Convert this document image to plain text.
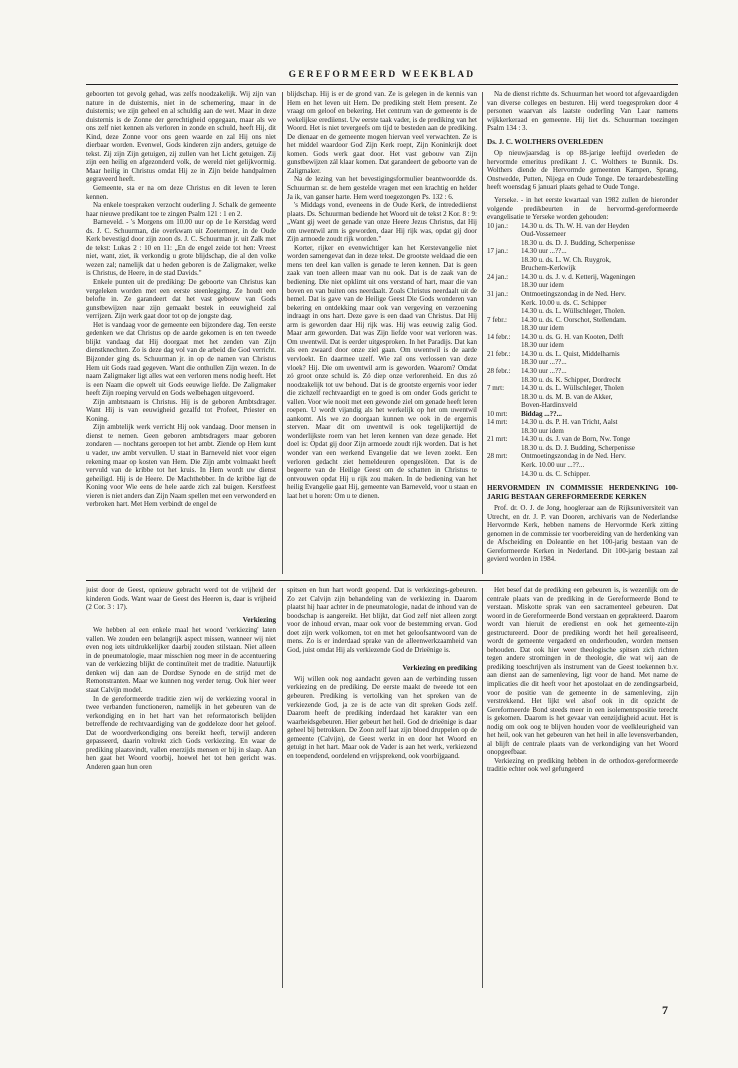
GEREFORMEERD WEEKBLAD

geboorten tot gevolg gehad, was zelfs noodzakelijk. Wij zijn van nature in de duisternis, niet in de schemering, maar in de duisternis; we zijn geheel en al schuldig aan de wet. Maar in deze duisternis is de Zonne der gerechtigheid opgegaan, maar als we ons zelf niet kennen als verloren in zonde en schuld, heeft Hij, dit Kind, deze Zonne voor ons geen waarde en zal Hij ons niet dierbaar worden. Evenwel, Gods kinderen zijn anders, getuige de tekst. Zij zijn Zijn getuigen, zij zullen van het Licht getuigen. Zij zijn een heilig en afgezonderd volk, de wereld niet gelijkvormig. Maar heilig in Christus omdat Hij ze in Zijn beide handpalmen gegraveerd heeft.

Gemeente, sta er na om deze Christus en dit leven te leren kennen.

Na enkele toespraken verzocht ouderling J. Schalk de gemeente haar nieuwe predikant toe te zingen Psalm 121 : 1 en 2.

Barneveld. - 's Morgens om 10.00 uur op de 1e Kerstdag werd ds. J. C. Schuurman, die overkwam uit Zoetermeer, in de Oude Kerk bevestigd door zijn zoon ds. J. C. Schuurman jr. uit Zalk met de tekst: Lukas 2 : 10 en 11: „En de engel zeide tot hen: Vreest niet, want, ziet, ik verkondig u grote blijdschap, die al den volke wezen zal; namelijk dat u heden geboren is de Zaligmaker, welke is Christus, de Heere, in de stad Davids."

Enkele punten uit de prediking: De geboorte van Christus kan vergeleken worden met een eerste steenlegging. Ze houdt een belofte in. Ze garandeert dat het vast gebouw van Gods gunstbewijzen naar zijn gemaakt bestek in eeuwigheid zal verrijzen. Zijn werk gaat door tot op de jongste dag.

Het is vandaag voor de gemeente een bijzondere dag. Ten eerste gedenken we dat Christus op de aarde gekomen is en ten tweede blijkt vandaag dat Hij doorgaat met het zenden van Zijn dienstknechten. Zo is deze dag vol van de arbeid die God verricht. Bijzonder ging ds. Schuurman jr. in op de namen van Christus Hem uit Gods raad gegeven. Want die onthullen Zijn wezen. In de naam Zaligmaker ligt alles wat een verloren mens nodig heeft. Het is een Naam die opwelt uit Gods eeuwige liefde. De Zaligmaker heeft Zijn roeping vervuld en Gods welbehagen uitgevoerd.

Zijn ambtsnaam is Christus. Hij is de geboren Ambtsdrager. Want Hij is van eeuwigheid gezalfd tot Profeet, Priester en Koning.

Zijn ambtelijk werk verricht Hij ook vandaag. Door mensen in dienst te nemen. Geen geboren ambtsdragers maar geboren zondaren — nochtans geroepen tot het ambt. Ziende op Hem kunt u vader, uw ambt vervullen. U staat in Barneveld niet voor eigen rekening maar op kosten van Hem. Die Zijn ambt volmaakt heeft vervuld van de kribbe tot het kruis. In Hem wordt uw dienst geheiligd. Hij is de Heere. De Machthebber. In de kribbe ligt de Koning voor Wie eens de hele aarde zich zal buigen. Kerstfeest vieren is niet anders dan Zijn Naam spellen met een verwonderd en verbroken hart. Met Hem verbindt de engel de

blijdschap. Hij is er de grond van. Ze is gelegen in de kennis van Hem en het leven uit Hem. De prediking stelt Hem present. Ze vraagt om geloof en bekering. Het centrum van de gemeente is de wekelijkse erediienst. Uw eerste taak vader, is de prediking van het Woord. Het is niet tevergeefs om tijd te besteden aan de prediking. De dienaar en de gemeente mogen hiervan veel verwachten. Ze is het middel waardoor God Zijn Kerk roept, Zijn Koninkrijk doet komen. Gods werk gaat door. Het vast gebouw van Zijn gunstbewijzen zál klaar komen. Dat garandeert de geboorte van de Zaligmaker.

Na de lezing van het bevestigingsformulier beantwoordde ds. Schuurman sr. de hem gestelde vragen met een krachtig en helder Ja ik, van ganser harte. Hem werd toegezongen Ps. 132 : 6.

's Middags vond, eveneens in de Oude Kerk, de intredediienst plaats. Ds. Schuurman bediende het Woord uit de tekst 2 Kor. 8 : 9: „Want gij weet de genade van onze Heere Jezus Christus, dat Hij om uwentwil arm is geworden, daar Hij rijk was, opdat gij door Zijn armoede zoudt rijk worden."

Korter, rijker en evenwichtiger kan het Kerstevangelie niet worden samengevat dan in deze tekst. De grootste weldaad die een mens ten deel kan vallen is genade te leren kennen. Dat is geen zaak van toen alleen maar van nu ook. Dat is de zaak van de bediening. Die niet opklimt uit ons verstand of hart, maar die van boven en van buiten ons neerdaalt. Zoals Christus neerdaalt uit de hemel. Dat is gave van de Heilige Geest Die Gods wonderen van bekering en ontdekking maar ook van vergeving en verzoening indraagt in ons hart. Deze gave is een daad van Christus. Dat Hij arm is geworden daar Hij rijk was. Hij was eeuwig zalig God. Maar arm geworden. Dat was Zijn liefde voor wat verloren was. Om uwentwil. Dat is eerder uitgesproken. In het Paradijs. Dat kan als een zwaard door onze ziel gaan. Om uwentwil is de aarde vervloekt. En daarmee uzelf. Wie zal ons verlossen van deze vloek? Hij. Die om uwentwil arm is geworden. Waarom? Omdat zó groot onze schuld is. Zó diep onze verlorenheid. En dus zó noodzakelijk tot uw behoud. Dat is de grootste ergernis voor ieder die zichzelf rechtvaardigt en te goed is om onder Gods gericht te vallen. Voor wie nooit met een gewonde ziel om genade heeft leren roepen. U wordt vijandig als het werkelijk op het om uwentwil aankomt. Als we zo doorgaan kunnen we ook in de ergernis sterven. Maar dit om uwentwil is ook tegelijkertijd de wonderlijkste roem van het leren kennen van deze genade. Het doel is: Opdat gij door Zijn armoede zoudt rijk worden. Dat is het wonder van een werkend Evangelie dat we leven zoekt. Een verloren gedacht ziet hemeldeuren opengeslöten. Dat is de begeerte van de Heilige Geest om de schatten in Christus te ontvouwen opdat Hij u rijk zou maken. In de bediening van het heilig Evangelie gaat Hij, gemeente van Barneveld, voor u staan en laat het u horen: Om u te dienen.

Na de dienst richtte ds. Schuurman het woord tot afgevaardigden van diverse colleges en besturen. Hij werd toegesproken door 4 personen waarvan als laatste ouderling Van Laar namens wijkkerkeraad en gemeente. Hij liet ds. Schuurman toezingen Psalm 134 : 3.

Ds. J. C. WOLTHERS OVERLEDEN

Op nieuwjaarsdag is op 88-jarige leeftijd overleden de hervormde emeritus predikant J. C. Wolthers te Bunnik. Ds. Wolthers diende de Hervormde gemeenten Kampen, Sprang, Onstwedde, Putten, Nijega en Oude Tonge. De teraardebestelling heeft woensdag 6 januari plaats gehad te Oude Tonge.

Yerseke. - in het eerste kwartaal van 1982 zullen de hieronder volgende predikbeurten in de hervormd-gereformeerde evangelisatie te Yerseke worden gehouden:

10 jan.:	14.30 u. ds. Th. W. H. van der Heyden
Oud-Vossemeer
18.30 u. ds. D. J. Budding, Scherpenisse
17 jan.:	14.30 uur ...??...
18.30 u. ds. L. W. Ch. Ruygrok,
Bruchem-Kerkwijk
24 jan.:	14.30 u. ds. J. v. d. Ketterij, Wageningen
18.30 uur idem
31 jan.:	Ontmoetingszondag in de Ned. Herv.
Kerk. 10.00 u. ds. C. Schipper
14.30 u. ds. L. Wüllschleger, Tholen.
7 febr.:	14.30 u. ds. C. Oorschot, Stellendam.
18.30 uur idem
14 febr.:	14.30 u. ds. G. H. van Kooten, Delft
18.30 uur idem
21 febr.:	14.30 u. ds. L. Quist, Middelharnis
18.30 uur ...??...
28 febr.:	14.30 uur ...??...
18.30 u. ds. K. Schipper, Dordrecht
7 mrt:	14.30 u. ds. L. Wüllschleger, Tholen
18.30 u. ds. M. B. van de Akker,
Boven-Hardinxveld
10 mrt:	Biddag ...??...
14 mrt:	14.30 u. ds. P. H. van Tricht, Aalst
18.30 uur idem
21 mrt:	14.30 u. ds. J. van de Born, Nw. Tonge
18.30 u. ds. D. J. Budding, Scherpenisse
28 mrt:	Ontmoetingszondag in de Ned. Herv.
Kerk. 10.00 uur ...??...
14.30 u. ds. C. Schipper.
HERVORMDEN IN COMMISSIE HERDENKING 100-JARIG BESTAAN GEREFORMEERDE KERKEN

Prof. dr. O. J. de Jong, hoogleraar aan de Rijksuniversiteit van Utrecht, en dr. J. P. van Dooren, archivaris van de Nederlandse Hervormde Kerk, hebben namens de Hervormde Kerk zitting genomen in de commissie ter voorbereiding van de herdenking van de Afscheiding en Doleantie en het 100-jarig bestaan van de Gereformeerde Kerken in Nederland. Dit 100-jarig bestaan zal gevierd worden in 1984.

juist door de Geest, opnieuw gebracht werd tot de vrijheid der kinderen Gods. Want waar de Geest des Heeren is, daar is vrijheid (2 Cor. 3 : 17).

Verkiezing

We hebben al een enkele maal het woord 'verkiezing' laten vallen. We zouden een belangrijk aspect missen, wanneer wij niet even nog iets uitdrukkelijker daarbij zouden stilstaan. Niet alleen in de pneumatologie, maar misschien nog meer in de accentuering van de verkiezing blijkt de continuïteit met de traditie. Natuurlijk denken wij dan aan de Dordtse Synode en de strijd met de Remonstranten. Maar we kunnen nog verder terug. Ook hier weer staat Calvijn model.

In de gereformeerde traditie zien wij de verkiezing vooral in twee verbanden functioneren, namelijk in het gebeuren van de verkondiging en in het hart van het reformatorisch belijden betreffende de rechtvaardiging van de goddeloze door het geloof. Dat de woordverkondiging ons bereikt heeft, terwijl anderen gepasseerd, daarin voltrekt zich Gods verkiezing. En waar de prediking plaatsvindt, vallen enerzijds mensen er bij in slaap. Aan hen gaat het Woord voorbij, hoewel het tot hen gericht was. Anderen gaan hun oren

spitsen en hun hart wordt geopend. Dat is verkiezings-gebeuren. Zo zet Calvijn zijn behandeling van de verkiezing in. Daarom plaatst hij haar achter in de pneumatologie, nadat de inhoud van de boodschap is aangereikt. Het blijkt, dat God zelf niet alleen zorgt voor de inhoud ervan, maar ook voor de bestemming ervan. God doet zijn werk volkomen, tot en met het geloofsantwoord van de mens. Zo is er inderdaad sprake van de alleenwerkzaamheid van God, juist omdat Hij als verkiezende God de Drieënige is.

Verkiezing en prediking

Wij willen ook nog aandacht geven aan de verbinding tussen verkiezing en de prediking. De eerste maakt de tweede tot een gebeuren. Prediking is vertolking van het spreken van de verkiezende God, ja ze is de acte van dit spreken Gods zelf. Daarom heeft de prediking inderdaad het karakter van een waarheidsgebeuren. Hier gebeurt het heil. God de drieënige is daar geheel bij betrokken. De Zoon zelf laat zijn bloed druppelen op de gemeente (Calvijn), de Geest werkt in en door het Woord en getuigt in het hart. Maar ook de Vader is aan het werk, verkiezend en toependend, oordelend en vrijsprekend, ook voorbijgaand.

Het besef dat de prediking een gebeuren is, is wezenlijk om de centrale plaats van de prediking in de Gereformeerde Bond te verstaan. Miskotte sprak van een sacramenteel gebeuren. Dat woord in de Gereformeerde Bond verstaan en geprakteerd. Daarom wordt van hieruit de eredienst en ook het gemeente-zijn gestructureerd. Door de prediking wordt het heil gerealiseerd, wordt de gemeente vergaderd en onderhouden, worden mensen behouden. Dat ook hier weer theologische spitsen zich richten tegen andere stromingen in de theologie, die wat wij aan de prediking toeschrijven als instrument van de Geest toekennen b.v. aan dienst aan de samenleving, ligt voor de hand. Met name de implicaties die dit heeft voor het apostolaat en de zendingsarbeid, voor de positie van de gemeente in de samenleving, zijn verstrekkend. Het lijkt wel alsof ook in dit opzicht de Gereformeerde Bond steeds meer in een isolementspositie terecht is gekomen. Daarom is het gevaar van eenzijdigheid acuut. Het is nodig om ook oog te blijven houden voor de veelkleurigheid van het heil, ook van het gebeuren van het heil in alle levensverbanden, al blijft de centrale plaats van de verkondiging van het Woord onopgeefbaar.

Verkiezing en prediking hebben in de orthodox-gereformeerde traditie echter ook wel gefungeerd

7
